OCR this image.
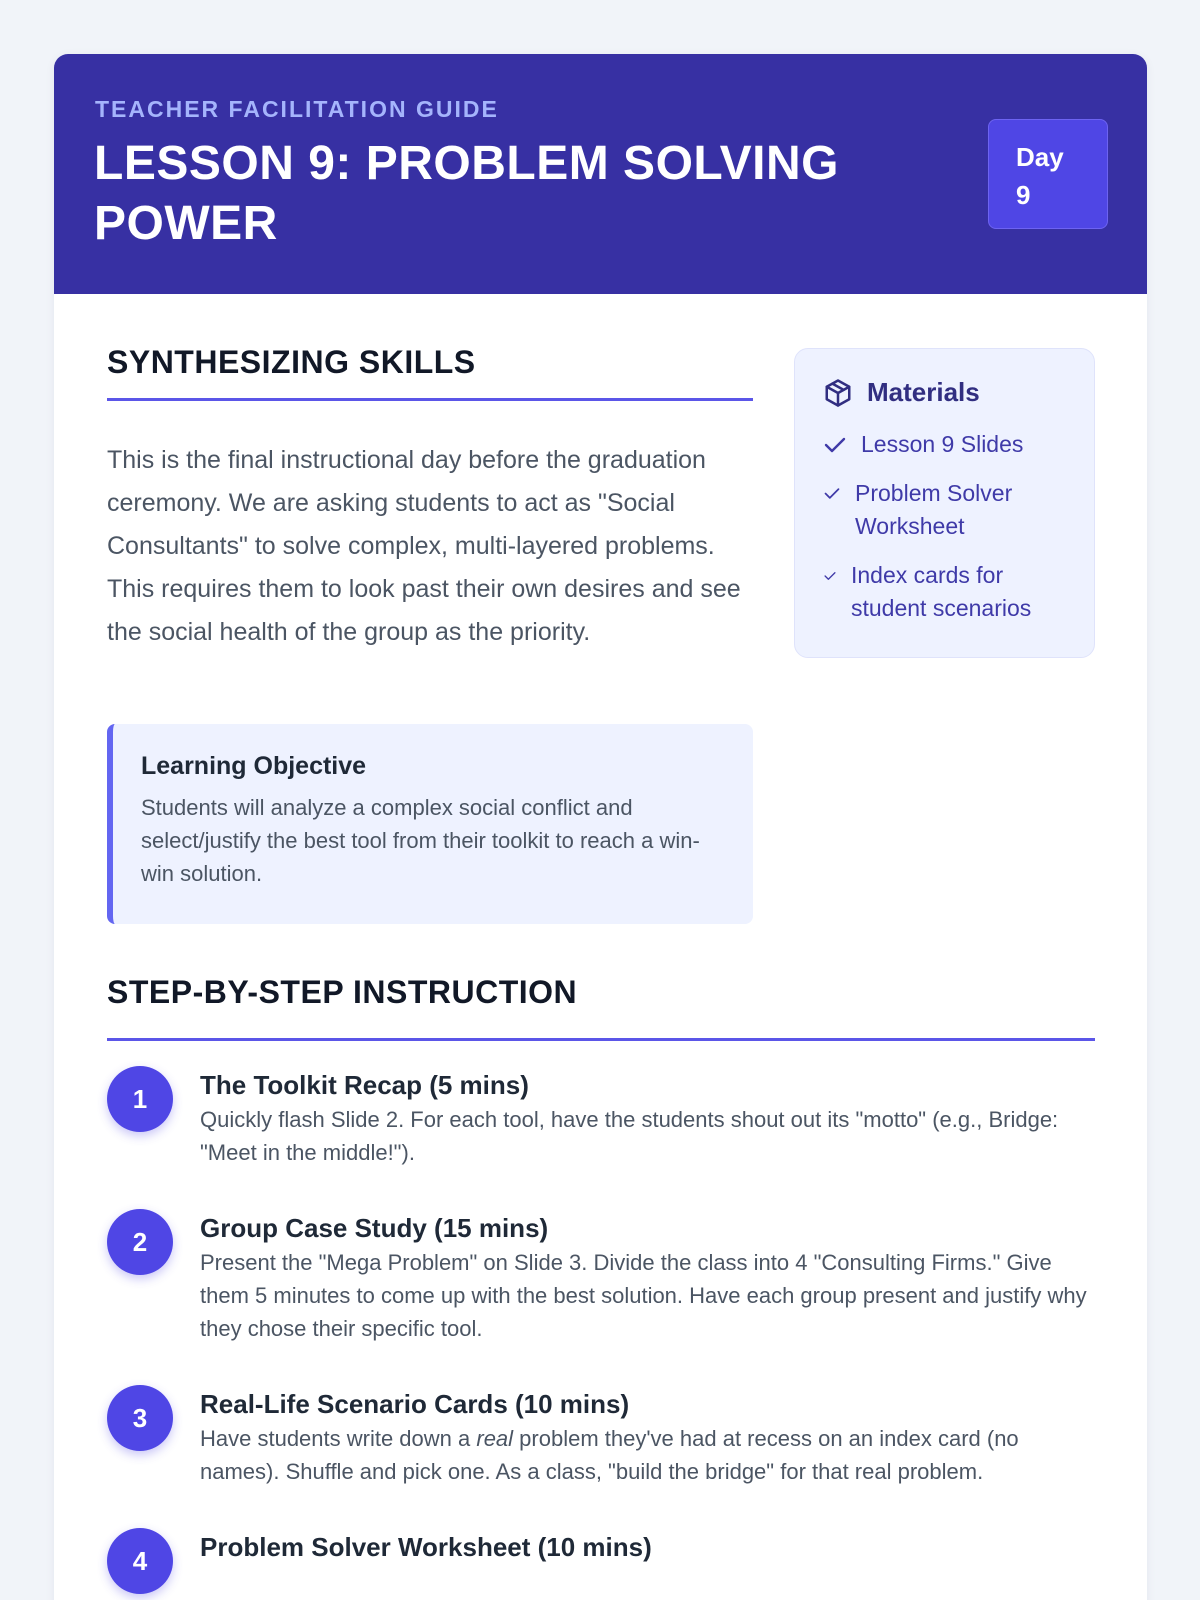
TEACHER FACILITATION GUIDE
LESSON 9: PROBLEM SOLVING POWER
Day
9
SYNTHESIZING SKILLS
This is the final instructional day before the graduation ceremony. We are asking students to act as "Social Consultants" to solve complex, multi-layered problems. This requires them to look past their own desires and see the social health of the group as the priority.
Learning Objective
Students will analyze a complex social conflict and select/justify the best tool from their toolkit to reach a win-win solution.
Materials
Lesson 9 Slides
Problem Solver Worksheet
Index cards for student scenarios
STEP-BY-STEP INSTRUCTION
1	The Toolkit Recap (5 mins)
Quickly flash Slide 2. For each tool, have the students shout out its "motto" (e.g., Bridge: "Meet in the middle!").
2	Group Case Study (15 mins)
Present the "Mega Problem" on Slide 3. Divide the class into 4 "Consulting Firms." Give them 5 minutes to come up with the best solution. Have each group present and justify why they chose their specific tool.
3	Real-Life Scenario Cards (10 mins)
Have students write down a real problem they've had at recess on an index card (no names). Shuffle and pick one. As a class, "build the bridge" for that real problem.
4	Problem Solver Worksheet (10 mins)
